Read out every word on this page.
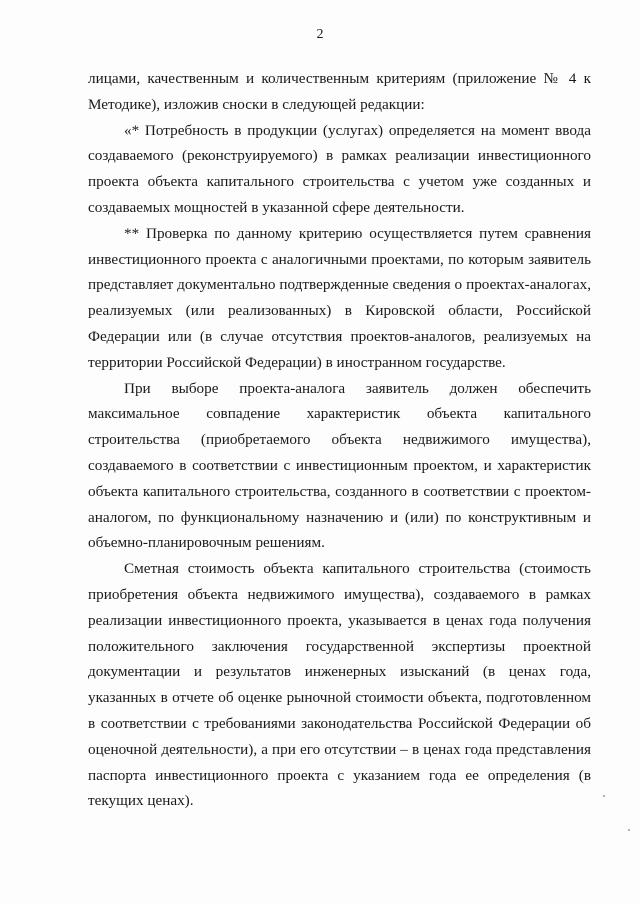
2

лицами, качественным и количественным критериям (приложение № 4 к
Методике), изложив сноски в следующей редакции:

«* Потребность в продукции (услугах) определяется на момент ввода
создаваемого (реконструируемого) в рамках реализации инвестиционного
проекта объекта капитального строительства с учетом уже созданных и
создаваемых мощностей в указанной сфере деятельности.

** Проверка по данному критерию осуществляется путем сравнения
инвестиционного проекта с аналогичными проектами, по которым заявитель
представляет документально подтвержденные сведения о проектах-аналогах,
реализуемых (или реализованных) в Кировской области, Российской
Федерации или (в случае отсутствия проектов-аналогов, реализуемых на
территории Российской Федерации) в иностранном государстве.

При выборе проекта-аналога заявитель должен обеспечить
максимальное совпадение характеристик объекта капитального
строительства (приобретаемого объекта недвижимого имущества),
создаваемого в соответствии с инвестиционным проектом, и характеристик
объекта капитального строительства, созданного в соответствии с проектом-
аналогом, по функциональному назначению и (или) по конструктивным и
объемно-планировочным решениям.

Сметная стоимость объекта капитального строительства (стоимость
приобретения объекта недвижимого имущества), создаваемого в рамках
реализации инвестиционного проекта, указывается в ценах года получения
положительного заключения государственной экспертизы проектной
документации и результатов инженерных изысканий (в ценах года,
указанных в отчете об оценке рыночной стоимости объекта, подготовленном
в соответствии с требованиями законодательства Российской Федерации об
оценочной деятельности), а при его отсутствии – в ценах года представления
паспорта инвестиционного проекта с указанием года ее определения (в
текущих ценах).
